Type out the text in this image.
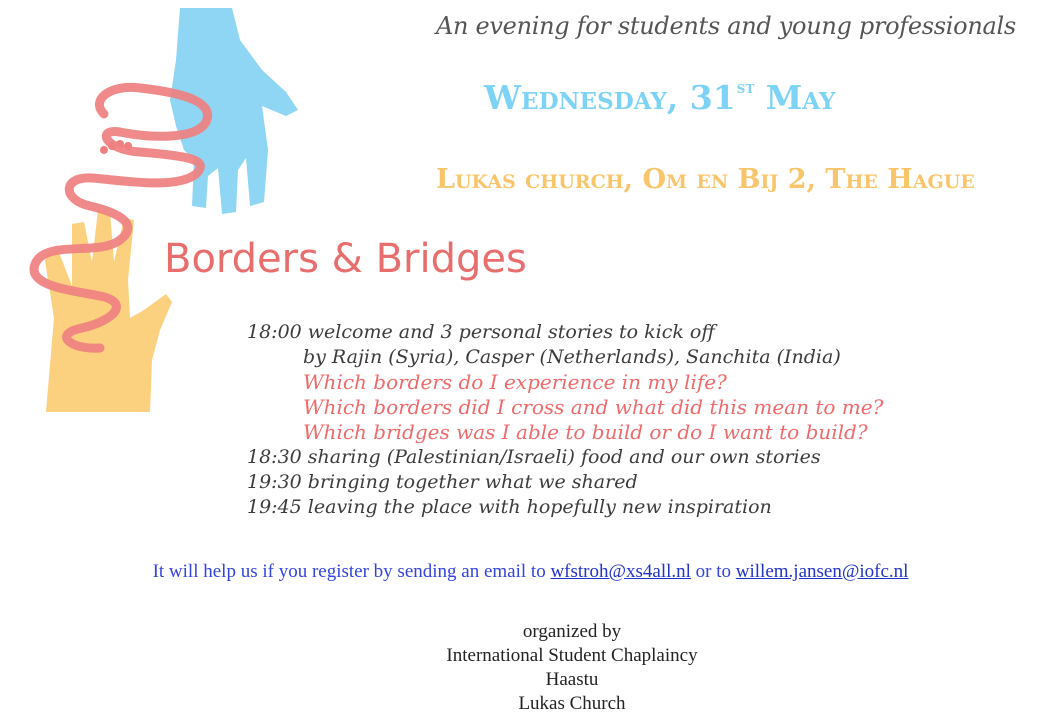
An evening for students and young professionals
Wednesday, 31st May
Lukas church, Om en Bij 2, The Hague
Borders & Bridges
18:00 welcome and 3 personal stories to kick off
by Rajin (Syria), Casper (Netherlands), Sanchita (India)
Which borders do I experience in my life?
Which borders did I cross and what did this mean to me?
Which bridges was I able to build or do I want to build?
18:30 sharing (Palestinian/Israeli) food and our own stories
19:30 bringing together what we shared
19:45 leaving the place with hopefully new inspiration
It will help us if you register by sending an email to wfstroh@xs4all.nl or to willem.jansen@iofc.nl
organized by
International Student Chaplaincy
Haastu
Lukas Church
